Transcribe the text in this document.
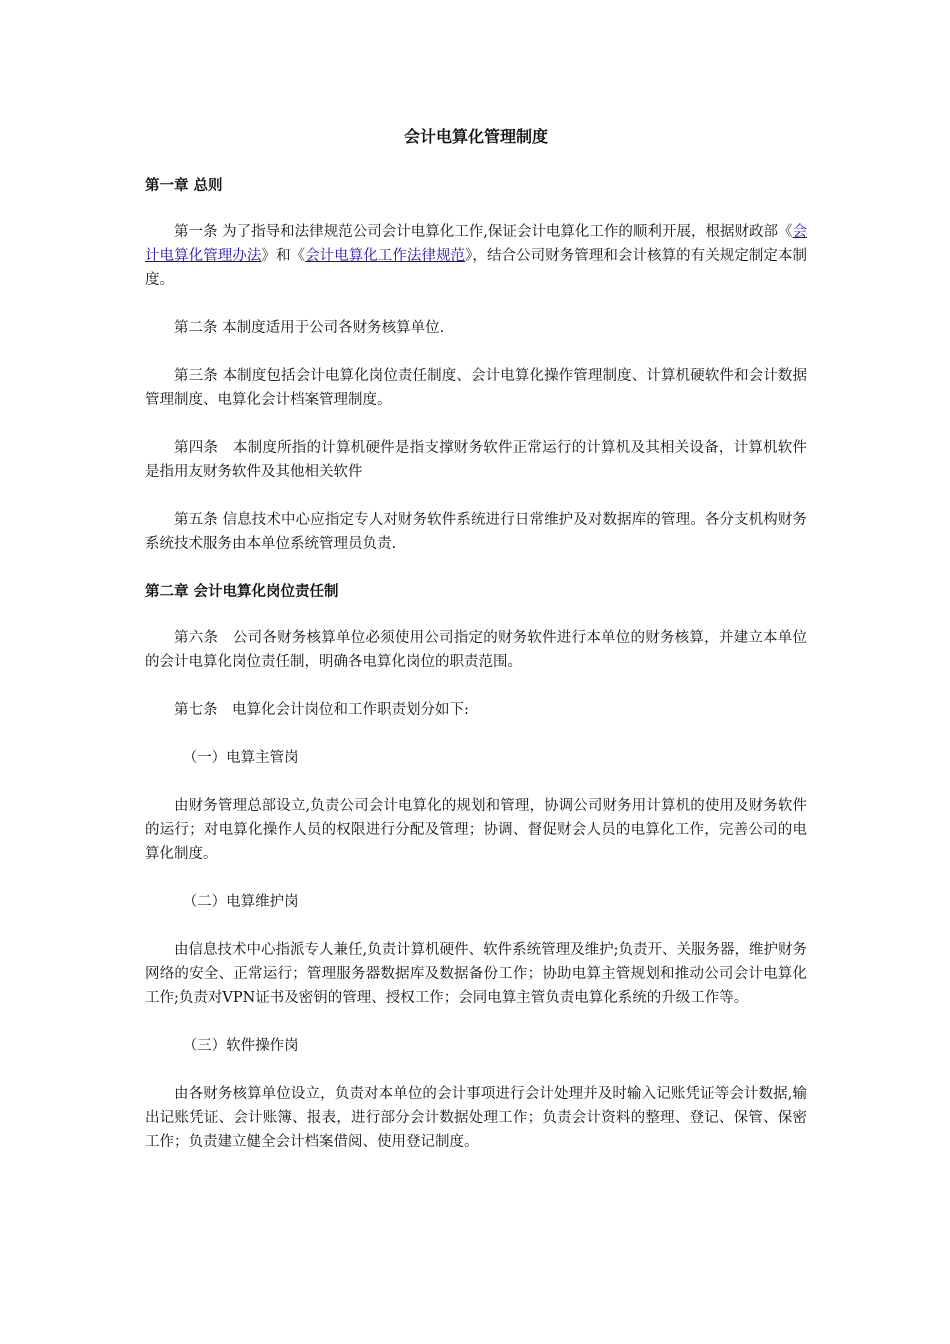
会计电算化管理制度
第一章 总则
第一条 为了指导和法律规范公司会计电算化工作,保证会计电算化工作的顺利开展，根据财政部《会计电算化管理办法》和《会计电算化工作法律规范》，结合公司财务管理和会计核算的有关规定制定本制度。
第二条 本制度适用于公司各财务核算单位.
第三条 本制度包括会计电算化岗位责任制度、会计电算化操作管理制度、计算机硬软件和会计数据管理制度、电算化会计档案管理制度。
第四条　本制度所指的计算机硬件是指支撑财务软件正常运行的计算机及其相关设备，计算机软件是指用友财务软件及其他相关软件
第五条 信息技术中心应指定专人对财务软件系统进行日常维护及对数据库的管理。各分支机构财务系统技术服务由本单位系统管理员负责.
第二章 会计电算化岗位责任制
第六条　公司各财务核算单位必须使用公司指定的财务软件进行本单位的财务核算，并建立本单位的会计电算化岗位责任制，明确各电算化岗位的职责范围。
第七条　电算化会计岗位和工作职责划分如下:
（一）电算主管岗
由财务管理总部设立,负责公司会计电算化的规划和管理，协调公司财务用计算机的使用及财务软件的运行；对电算化操作人员的权限进行分配及管理；协调、督促财会人员的电算化工作，完善公司的电算化制度。
（二）电算维护岗
由信息技术中心指派专人兼任,负责计算机硬件、软件系统管理及维护;负责开、关服务器，维护财务网络的安全、正常运行；管理服务器数据库及数据备份工作；协助电算主管规划和推动公司会计电算化工作;负责对VPN证书及密钥的管理、授权工作；会同电算主管负责电算化系统的升级工作等。
（三）软件操作岗
由各财务核算单位设立，负责对本单位的会计事项进行会计处理并及时输入记账凭证等会计数据,输出记账凭证、会计账簿、报表，进行部分会计数据处理工作；负责会计资料的整理、登记、保管、保密工作；负责建立健全会计档案借阅、使用登记制度。
